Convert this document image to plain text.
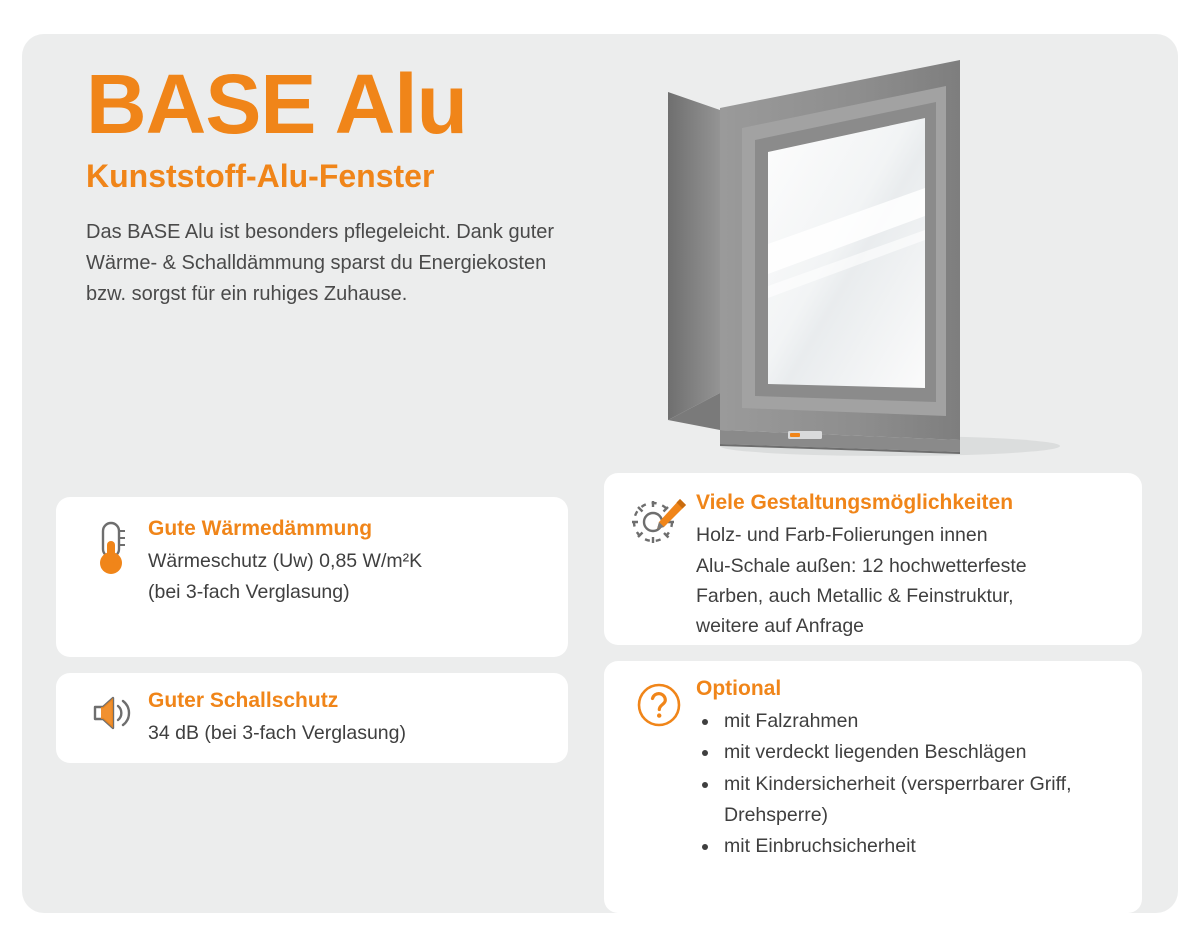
BASE Alu
Kunststoff-Alu-Fenster

Das BASE Alu ist besonders pflegeleicht. Dank guter Wärme- & Schalldämmung sparst du Energiekosten bzw. sorgst für ein ruhiges Zuhause.

Gute Wärmedämmung
Wärmeschutz (Uw) 0,85 W/m²K
(bei 3-fach Verglasung)
Guter Schallschutz
34 dB (bei 3-fach Verglasung)
Viele Gestaltungsmöglichkeiten
Holz- und Farb-Folierungen innen
Alu-Schale außen: 12 hochwetterfeste
Farben, auch Metallic & Feinstruktur,
weitere auf Anfrage
Optional
• mit Falzrahmen
• mit verdeckt liegenden Beschlägen
• mit Kindersicherheit (versperrbarer Griff, Drehsperre)
• mit Einbruchsicherheit
